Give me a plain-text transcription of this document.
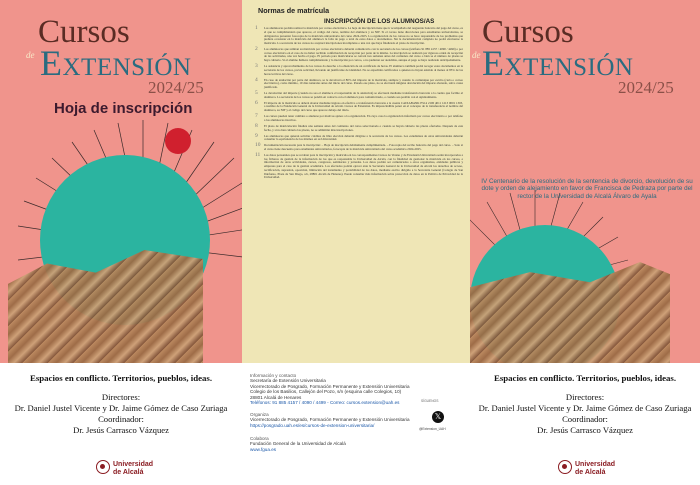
Cursos
de Extensión
2024/25
Hoja de inscripción
Espacios en conflicto. Territorios, pueblos, ideas.
Directores:
Dr. Daniel Justel Vicente y Dr. Jaime Gómez de Caso Zuriaga
Coordinador:
Dr. Jesús Carrasco Vázquez
Universidad
de Alcalá
Normas de matrícula
INSCRIPCIÓN DE LOS ALUMNOS/AS
1 Los alumnos/as podrán realizar la matrícula por correo electrónico. La hoja de inscripción tiene que ir acompañada del resguardo bancario del pago del curso, es el que se cumplimentará que aparece, el código del curso, nombre del alumno/a y su NIF. Si el correo tiene direcciones para estudiantes universitarios, se obligatorios presentar fotocopia de la matrícula universitaria del curso 2024-2025. La organización de los cursos no se hace responsable de los problemas que pudiera ocasionar en la matrícula del alumno/a la falta de pago o total de estos datos o documentos. Sin la documentación completa no podrá efectuarse la matrícula. La secretaría de los cursos no aceptará inscripciones incompletas o una vez que haya finalizado el plazo de inscripción.
2 Los alumnos/as que remitan su matrícula por correo electrónico deberán comunicarlo con la secretaría de los cursos (teléfono 91 885 4157 / 4090 / 4499) o por correo electrónico en el caso de no haber recibido confirmación de recepción por parte de la misma. La inscripción se realizará por riguroso orden de recepción de las solicitudes, una vez hecho el pago. El período para matricularse se cerrará tres semanas antes del comienzo del curso o bien se el número de plazas se haya cubierto. Si el alumno hubiera cumplimentado y la inscripción por correo, o no pudieran ser atendidas, aunque el pago se haya realizado anticipadamente.
3 La asistencia y aprovechamiento de los cursos da derecho a la obtención de un certificado de horas. El alumno/a también podrá recoger estos documentos en la secretaría de los cursos, previa solicitud, llevando un justificante de identidad. No se expedirán certificados a quienes no hayan asistido al menos al 85% de las horas lectivas del curso.
4 En caso de anulación por parte del alumno/a, se le devolverá el 80% del importe de la matrícula, siempre y cuando lo comunique por escrito (carta o correo electrónico), como mínimo, 10 días naturales antes del inicio del curso. Pasado ese plazo, no se efectuará ninguna devolución del importe abonado, salvo causa justificada.
5 La devolución del importe (cuando no sea el alumno/a el responsable de la anulación) se efectuará mediante transferencia bancaria a la cuenta que facilite el alumno/a. La secretaría de los cursos se pondrá en contacto con el alumno/a para comunicárselo, o cuando sea posible con el Ayuntamiento.
6 El importe de la matrícula se deberá abonar mediante ingreso en efectivo o transferencia bancaria a la cuenta CAIXABANK ES14 2100 4011 1213 0001 1303, a nombre de la Fundación General de la Universidad de Alcalá. Cursos de Extensión. Es imprescindible poner en el concepto de la transferencia el nombre del alumno/a, su NIF y el código del curso que aparece debajo del título.
7 Los cursos pueden tener cambios o anularse por motivos ajenos a la organización. En cuyo caso la organización informará por correo electrónico o por teléfono a los alumnos/as inscritos.
8 El plazo de matriculación finaliza una semana antes del comienzo del curso seleccionado o cuando se hayan cubierto las plazas ofertadas. Después de esta fecha, y si no han cubierto las plazas, no se admitirán más inscripciones.
9 Las alumnos/as que quieran solicitar créditos de libre elección deberán dirigirse a la secretaría de los cursos. Los estudiantes de otras universidades deberán consultar la equivalencia de los mismos en su Universidad.
10 Documentación necesaria para la inscripción: – Hoja de inscripción debidamente cumplimentada. – Fotocopia del recibo bancario del pago del curso. – Solo si el curso tiene descuento para estudiantes universitarios, fotocopia de la matrícula universitaria del curso académico 2024-2025.
11 Los datos personales que se recaban para la inscripción y matrícula en los correspondientes Cursos de Verano y de Extensión Universitaria serán incorporados a los ficheros de gestión de la información de los que es responsable la Universidad de Alcalá, con la finalidad de gestionar la matrícula en los cursos, e información de otras actividades, cursos, congresos, seminarios y jornadas. Los datos podrán ser comunicados a otros organismos, entidades públicas y empresas para el caso de la gestión académica. Los afectados podrán ejercer ante la Secretaría General de la Universidad de Alcalá los derechos de acceso, rectificación, supresión, oposición, limitación del tratamiento y portabilidad de los datos, mediante escrito dirigido a la Secretaría General (Colegio de San Ildefonso, Plaza de San Diego, s/n, 28801 Alcalá de Henares). Puede consultar más información sobre protección de datos en la Política de Privacidad de la Universidad.
Información y contacto
Secretaría de Extensión Universitaria
Vicerrectorado de Posgrado, Formación Permanente y Extensión Universitaria
Colegio de los Basilios, Callejón del Pozo, s/n (esquina calle Colegios, 10)
28801 Alcalá de Henares
Teléfonos: 91 885 4157 / 4090 / 4499 - Correo: cursos.extension@uah.es
Organiza
Vicerrectorado de Posgrado, Formación Permanente y Extensión Universitaria
https://posgrado.uah.es/es/cursos-de-extension-universitaria/
Colabora
Fundación General de la Universidad de Alcalá
www.fgua.es
SÍGUENOS
𝕏
@Extension_UAH
Cursos
de Extensión
2024/25
IV Centenario de la resolución de la sentencia de divorcio, devolución de su dote y orden de alejamiento en favor de Francisca de Pedraza por parte del rector de la Universidad de Alcalá Álvaro de Ayala
Espacios en conflicto. Territorios, pueblos, ideas.
Directores:
Dr. Daniel Justel Vicente y Dr. Jaime Gómez de Caso Zuriaga
Coordinador:
Dr. Jesús Carrasco Vázquez
Universidad
de Alcalá
